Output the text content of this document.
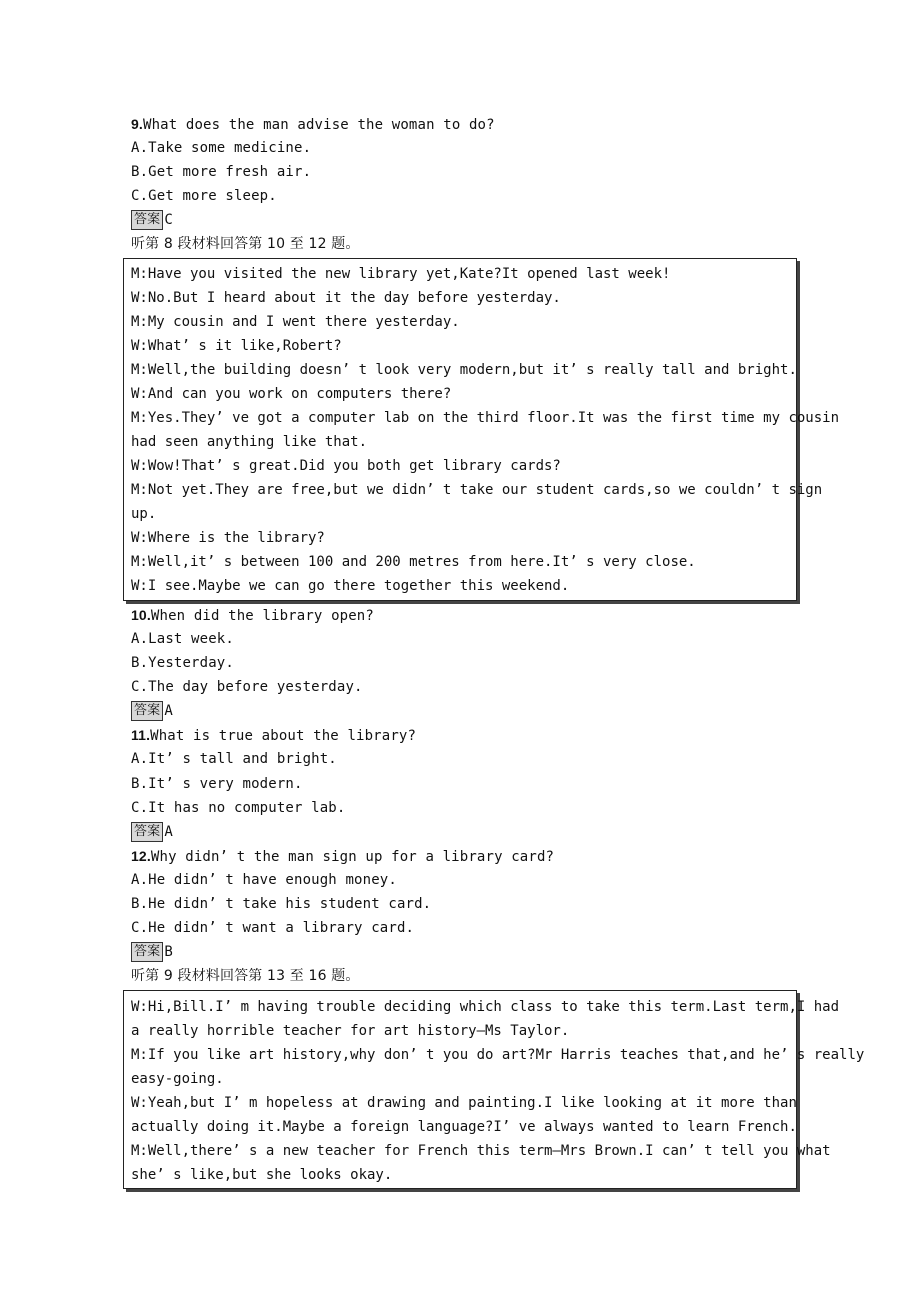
9.What does the man advise the woman to do?
A.Take some medicine.
B.Get more fresh air.
C.Get more sleep.
答案 C
听第 8 段材料回答第 10 至 12 题。
M:Have you visited the new library yet,Kate?It opened last week!
W:No.But I heard about it the day before yesterday.
M:My cousin and I went there yesterday.
W:What’ s it like,Robert?
M:Well,the building doesn’ t look very modern,but it’ s really tall and bright.
W:And can you work on computers there?
M:Yes.They’ ve got a computer lab on the third floor.It was the first time my cousin
had seen anything like that.
W:Wow!That’ s great.Did you both get library cards?
M:Not yet.They are free,but we didn’ t take our student cards,so we couldn’ t sign
up.
W:Where is the library?
M:Well,it’ s between 100 and 200 metres from here.It’ s very close.
W:I see.Maybe we can go there together this weekend.
10.When did the library open?
A.Last week.
B.Yesterday.
C.The day before yesterday.
答案 A
11.What is true about the library?
A.It’ s tall and bright.
B.It’ s very modern.
C.It has no computer lab.
答案 A
12.Why didn’ t the man sign up for a library card?
A.He didn’ t have enough money.
B.He didn’ t take his student card.
C.He didn’ t want a library card.
答案 B
听第 9 段材料回答第 13 至 16 题。
W:Hi,Bill.I’ m having trouble deciding which class to take this term.Last term,I had
a really horrible teacher for art history—Ms Taylor.
M:If you like art history,why don’ t you do art?Mr Harris teaches that,and he’ s really
easy-going.
W:Yeah,but I’ m hopeless at drawing and painting.I like looking at it more than
actually doing it.Maybe a foreign language?I’ ve always wanted to learn French.
M:Well,there’ s a new teacher for French this term—Mrs Brown.I can’ t tell you what
she’ s like,but she looks okay.
